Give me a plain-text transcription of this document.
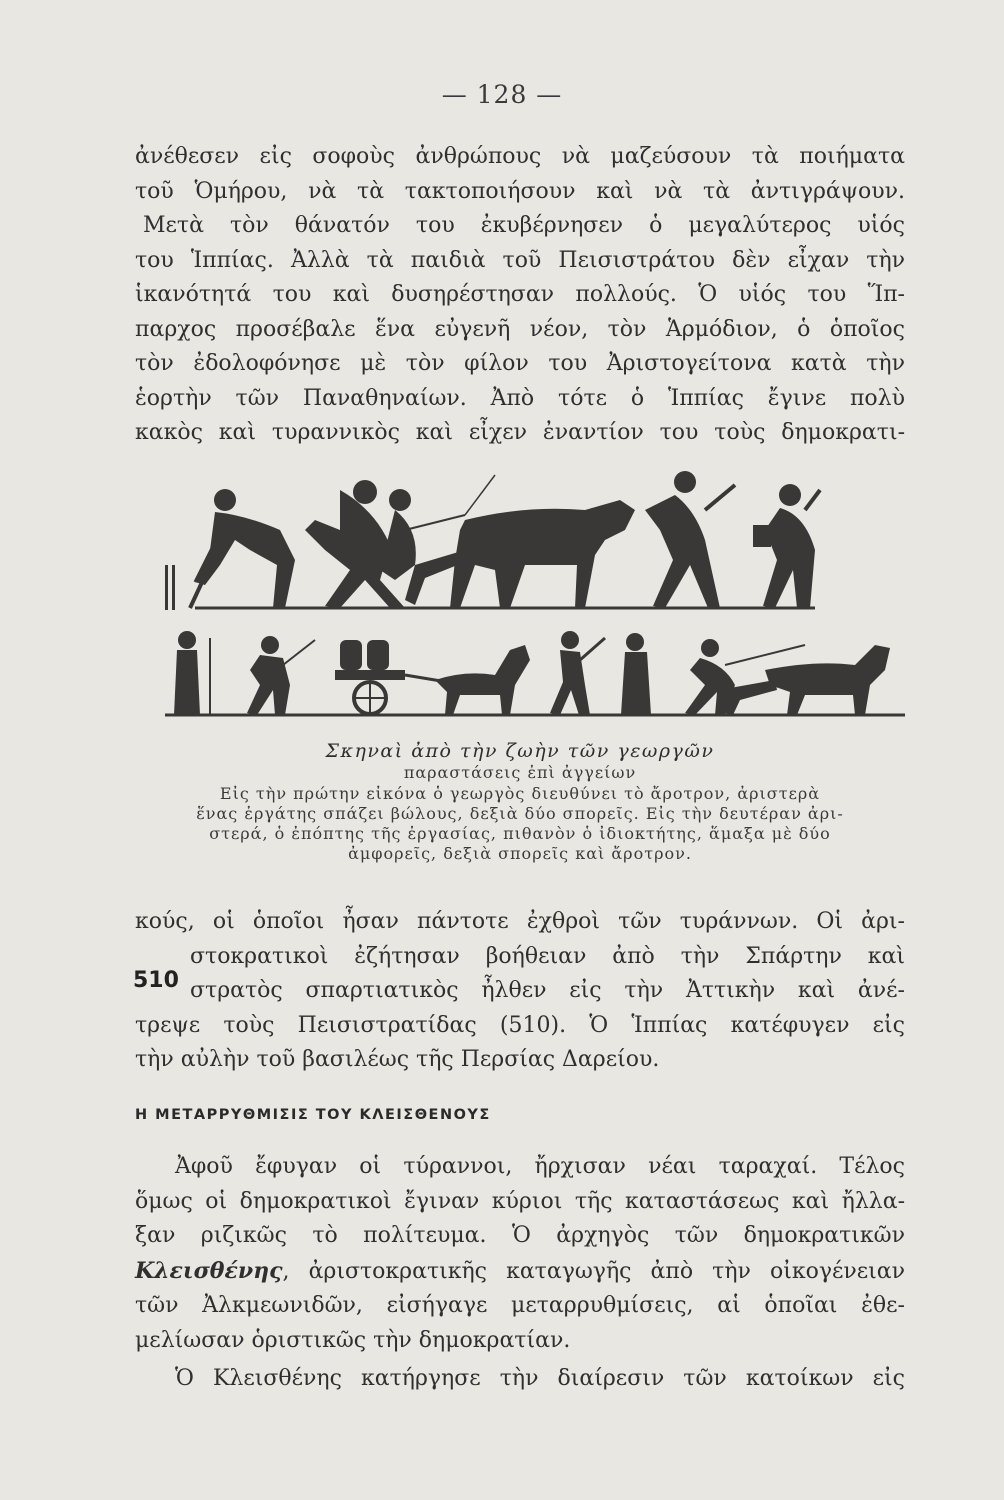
— 128 —
ἀνέθεσεν εἰς σοφοὺς ἀνθρώπους νὰ μαζεύσουν τὰ ποιήματα
τοῦ Ὁμήρου, νὰ τὰ τακτοποιήσουν καὶ νὰ τὰ ἀντιγράψουν.
Μετὰ τὸν θάνατόν του ἐκυβέρνησεν ὁ μεγαλύτερος υἱός
του Ἱππίας. Ἀλλὰ τὰ παιδιὰ τοῦ Πεισιστράτου δὲν εἶχαν τὴν
ἱκανότητά του καὶ δυσηρέστησαν πολλούς. Ὁ υἱός του Ἵπ-
παρχος προσέβαλε ἕνα εὐγενῆ νέον, τὸν Ἁρμόδιον, ὁ ὁποῖος
τὸν ἐδολοφόνησε μὲ τὸν φίλον του Ἀριστογείτονα κατὰ τὴν
ἑορτὴν τῶν Παναθηναίων. Ἀπὸ τότε ὁ Ἱππίας ἔγινε πολὺ
κακὸς καὶ τυραννικὸς καὶ εἶχεν ἐναντίον του τοὺς δημοκρατι-
Σκηναὶ ἀπὸ τὴν ζωὴν τῶν γεωργῶν
παραστάσεις ἐπὶ ἀγγείων
Εἰς τὴν πρώτην εἰκόνα ὁ γεωργὸς διευθύνει τὸ ἄροτρον, ἀριστερὰ
ἕνας ἐργάτης σπάζει βώλους, δεξιὰ δύο σπορεῖς. Εἰς τὴν δευτέραν ἀρι-
στερά, ὁ ἐπόπτης τῆς ἐργασίας, πιθανὸν ὁ ἰδιοκτήτης, ἅμαξα μὲ δύο
ἀμφορεῖς, δεξιὰ σπορεῖς καὶ ἄροτρον.
510
κούς, οἱ ὁποῖοι ἦσαν πάντοτε ἐχθροὶ τῶν τυράννων. Οἱ ἀρι-
στοκρατικοὶ ἐζήτησαν βοήθειαν ἀπὸ τὴν Σπάρτην καὶ
στρατὸς σπαρτιατικὸς ἦλθεν εἰς τὴν Ἀττικὴν καὶ ἀνέ-
τρεψε τοὺς Πεισιστρατίδας (510). Ὁ Ἱππίας κατέφυγεν εἰς
τὴν αὐλὴν τοῦ βασιλέως τῆς Περσίας Δαρείου.
Η ΜΕΤΑΡΡΥΘΜΙΣΙΣ ΤΟΥ ΚΛΕΙΣΘΕΝΟΥΣ
Ἀφοῦ ἔφυγαν οἱ τύραννοι, ἤρχισαν νέαι ταραχαί. Τέλος
ὅμως οἱ δημοκρατικοὶ ἔγιναν κύριοι τῆς καταστάσεως καὶ ἤλλα-
ξαν ριζικῶς τὸ πολίτευμα. Ὁ ἀρχηγὸς τῶν δημοκρατικῶν
Κλεισθένης, ἀριστοκρατικῆς καταγωγῆς ἀπὸ τὴν οἰκογένειαν
τῶν Ἀλκμεωνιδῶν, εἰσήγαγε μεταρρυθμίσεις, αἱ ὁποῖαι ἐθε-
μελίωσαν ὁριστικῶς τὴν δημοκρατίαν.
Ὁ Κλεισθένης κατήργησε τὴν διαίρεσιν τῶν κατοίκων εἰς
